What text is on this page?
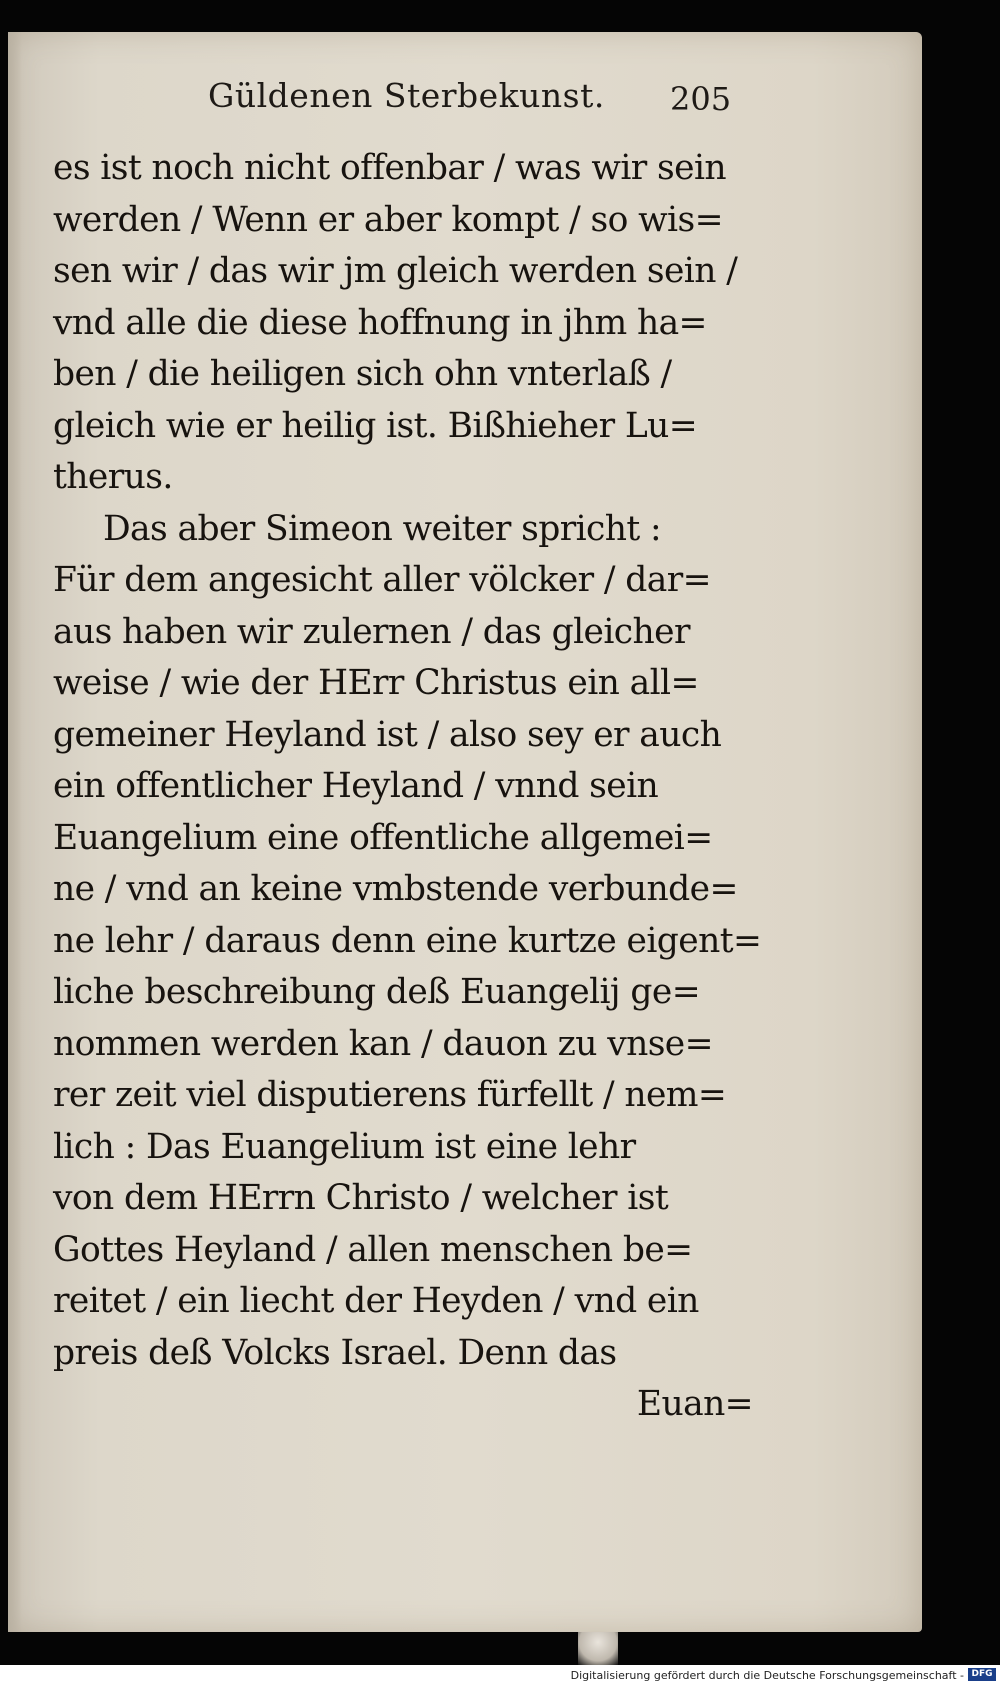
Güldenen Sterbekunst. 205
es ist noch nicht offenbar / was wir sein
werden / Wenn er aber kompt / so wis=
sen wir / das wir jm gleich werden sein /
vnd alle die diese hoffnung in jhm ha=
ben / die heiligen sich ohn vnterlaß /
gleich wie er heilig ist. Bißhieher Lu=
therus.
Das aber Simeon weiter spricht :
Für dem angesicht aller völcker / dar=
aus haben wir zulernen / das gleicher
weise / wie der HErr Christus ein all=
gemeiner Heyland ist / also sey er auch
ein offentlicher Heyland / vnnd sein
Euangelium eine offentliche allgemei=
ne / vnd an keine vmbstende verbunde=
ne lehr / daraus denn eine kurtze eigent=
liche beschreibung deß Euangelij ge=
nommen werden kan / dauon zu vnse=
rer zeit viel disputierens fürfellt / nem=
lich : Das Euangelium ist eine lehr
von dem HErrn Christo / welcher ist
Gottes Heyland / allen menschen be=
reitet / ein liecht der Heyden / vnd ein
preis deß Volcks Israel. Denn das
Euan=
Digitalisierung gefördert durch die Deutsche Forschungsgemeinschaft - DFG
